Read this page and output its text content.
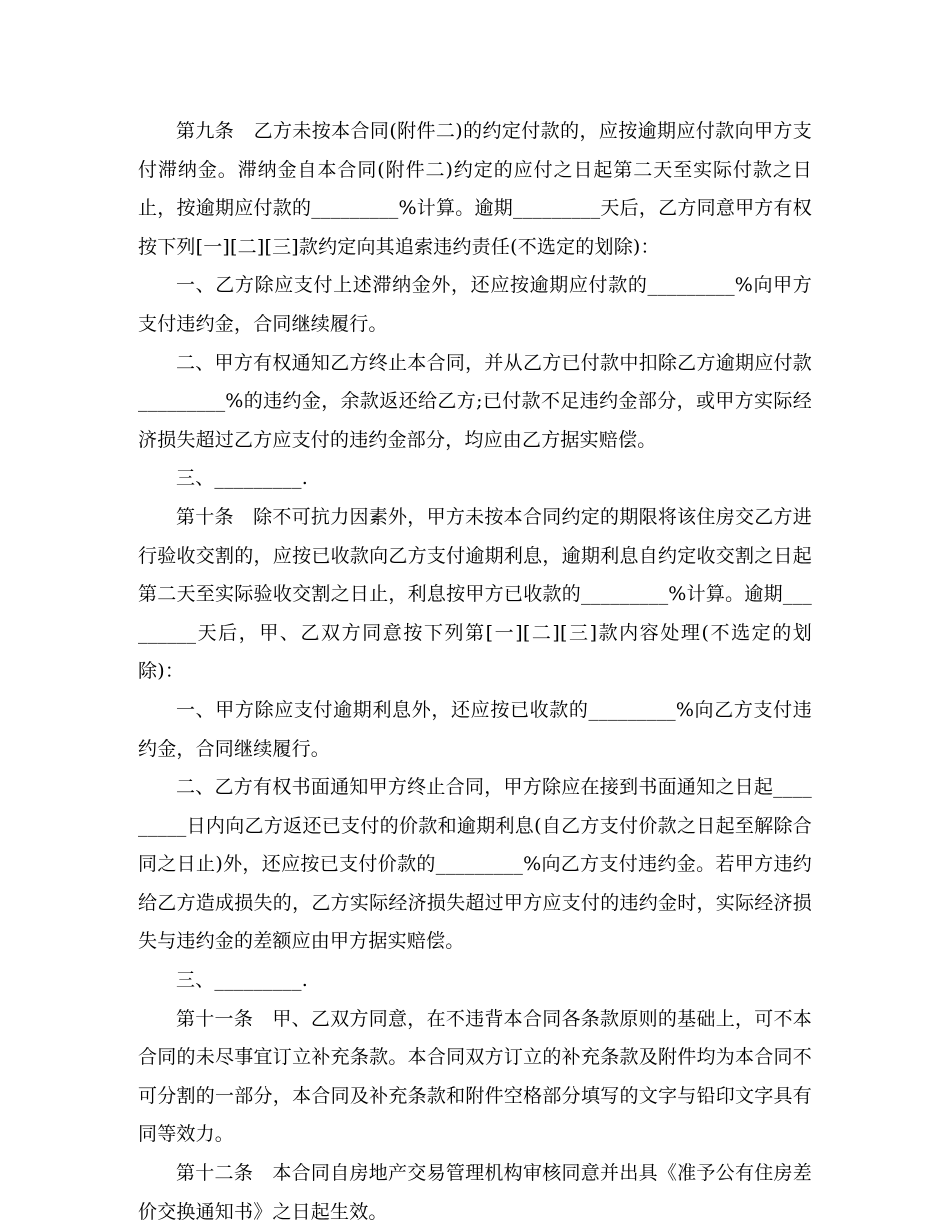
第九条　乙方未按本合同(附件二)的约定付款的，应按逾期应付款向甲方支付滞纳金。滞纳金自本合同(附件二)约定的应付之日起第二天至实际付款之日止，按逾期应付款的_________%计算。逾期_________天后，乙方同意甲方有权按下列[一][二][三]款约定向其追索违约责任(不选定的划除)：

一、乙方除应支付上述滞纳金外，还应按逾期应付款的_________%向甲方支付违约金，合同继续履行。

二、甲方有权通知乙方终止本合同，并从乙方已付款中扣除乙方逾期应付款_________%的违约金，余款返还给乙方;已付款不足违约金部分，或甲方实际经济损失超过乙方应支付的违约金部分，均应由乙方据实赔偿。

三、_________.

第十条　除不可抗力因素外，甲方未按本合同约定的期限将该住房交乙方进行验收交割的，应按已收款向乙方支付逾期利息，逾期利息自约定收交割之日起第二天至实际验收交割之日止，利息按甲方已收款的_________%计算。逾期_________天后，甲、乙双方同意按下列第[一][二][三]款内容处理(不选定的划除)：

一、甲方除应支付逾期利息外，还应按已收款的_________%向乙方支付违约金，合同继续履行。

二、乙方有权书面通知甲方终止合同，甲方除应在接到书面通知之日起_________日内向乙方返还已支付的价款和逾期利息(自乙方支付价款之日起至解除合同之日止)外，还应按已支付价款的_________%向乙方支付违约金。若甲方违约给乙方造成损失的，乙方实际经济损失超过甲方应支付的违约金时，实际经济损失与违约金的差额应由甲方据实赔偿。

三、_________.

第十一条　甲、乙双方同意，在不违背本合同各条款原则的基础上，可不本合同的未尽事宜订立补充条款。本合同双方订立的补充条款及附件均为本合同不可分割的一部分，本合同及补充条款和附件空格部分填写的文字与铅印文字具有同等效力。

第十二条　本合同自房地产交易管理机构审核同意并出具《准予公有住房差价交换通知书》之日起生效。
